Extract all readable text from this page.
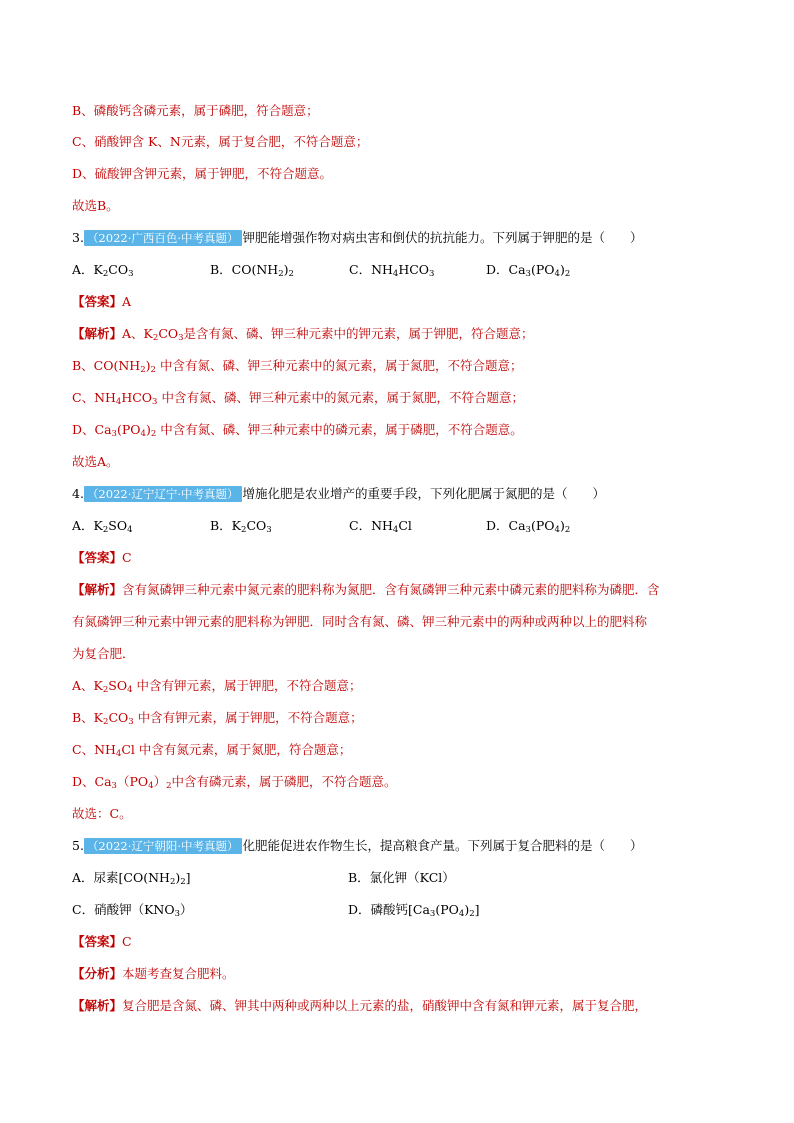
B、磷酸钙含磷元素，属于磷肥，符合题意；
C、硝酸钾含 K、N元素，属于复合肥，不符合题意；
D、硫酸钾含钾元素，属于钾肥，不符合题意。
故选B。
3. （2022·广西百色·中考真题） 钾肥能增强作物对病虫害和倒伏的抗抗能力。下列属于钾肥的是（　　）
A．$K_2CO_3$	B．$CO(NH_2)_2$	C．$NH_4HCO_3$	D．$Ca_3(PO_4)_2$
【答案】A
【解析】A、$K_2CO_3$是含有氮、磷、钾三种元素中的钾元素，属于钾肥，符合题意；
B、$CO(NH_2)_2$ 中含有氮、磷、钾三种元素中的氮元素，属于氮肥，不符合题意；
C、$NH_4HCO_3$ 中含有氮、磷、钾三种元素中的氮元素，属于氮肥，不符合题意；
D、$Ca_3(PO_4)_2$ 中含有氮、磷、钾三种元素中的磷元素，属于磷肥，不符合题意。
故选A。
4. （2022·辽宁辽宁·中考真题） 增施化肥是农业增产的重要手段，下列化肥属于氮肥的是（　　）
A．$K_2SO_4$	B．$K_2CO_3$	C．$NH_4Cl$	D．$Ca_3(PO_4)_2$
【答案】C
【解析】含有氮磷钾三种元素中氮元素的肥料称为氮肥．含有氮磷钾三种元素中磷元素的肥料称为磷肥．含
有氮磷钾三种元素中钾元素的肥料称为钾肥．同时含有氮、磷、钾三种元素中的两种或两种以上的肥料称
为复合肥．
A、$K_2SO_4$ 中含有钾元素，属于钾肥，不符合题意；
B、$K_2CO_3$ 中含有钾元素，属于钾肥，不符合题意；
C、$NH_4Cl$ 中含有氮元素，属于氮肥，符合题意；
D、$Ca_3(PO_4)_2$中含有磷元素，属于磷肥，不符合题意。
故选：C。
5. （2022·辽宁朝阳·中考真题） 化肥能促进农作物生长，提高粮食产量。下列属于复合肥料的是（　　）
A．尿素$[CO(NH_2)_2]$	B．氯化钾（KCl）
C．硝酸钾$(KNO_3)$	D．磷酸钙$[Ca_3(PO_4)_2]$
【答案】C
【分析】本题考查复合肥料。
【解析】复合肥是含氮、磷、钾其中两种或两种以上元素的盐，硝酸钾中含有氮和钾元素，属于复合肥，
